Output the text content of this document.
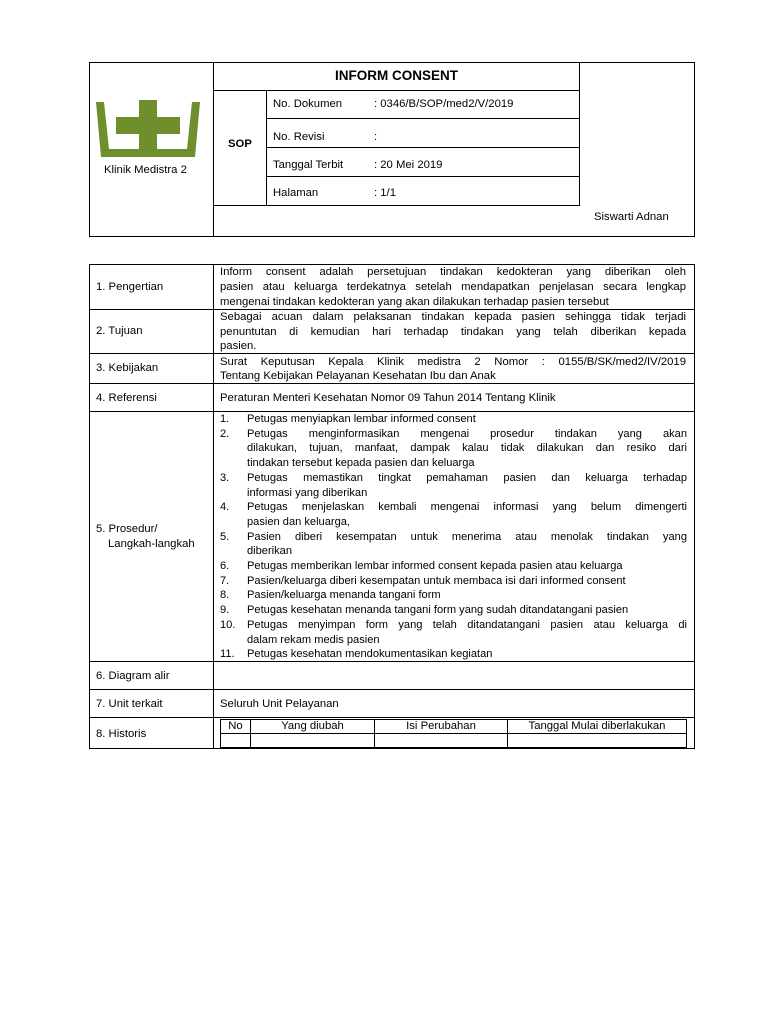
Klinik Medistra 2
INFORM CONSENT
SOP
No. Dokumen	: 0346/B/SOP/med2/V/2019
No. Revisi	:
Tanggal Terbit	: 20 Mei 2019
Halaman	: 1/1
Siswarti Adnan
1. Pengertian
Inform consent adalah persetujuan tindakan kedokteran yang diberikan oleh
pasien atau keluarga terdekatnya setelah mendapatkan penjelasan secara lengkap
mengenai tindakan kedokteran yang akan dilakukan terhadap pasien tersebut
2. Tujuan
Sebagai acuan dalam pelaksanan tindakan kepada pasien sehingga tidak terjadi
penuntutan di kemudian hari terhadap tindakan yang telah diberikan kepada
pasien.
3. Kebijakan	Surat Keputusan Kepala Klinik medistra 2 Nomor : 0155/B/SK/med2/IV/2019
Tentang Kebijakan Pelayanan Kesehatan Ibu dan Anak
4. Referensi	Peraturan Menteri Kesehatan Nomor 09 Tahun 2014 Tentang Klinik
5. Prosedur/
Langkah-langkah
1. Petugas menyiapkan lembar informed consent
2. Petugas menginformasikan mengenai prosedur tindakan yang akan
dilakukan, tujuan, manfaat, dampak kalau tidak dilakukan dan resiko dari
tindakan tersebut kepada pasien dan keluarga
3. Petugas memastikan tingkat pemahaman pasien dan keluarga terhadap
informasi yang diberikan
4. Petugas menjelaskan kembali mengenai informasi yang belum dimengerti
pasien dan keluarga,
5. Pasien diberi kesempatan untuk menerima atau menolak tindakan yang
diberikan
6. Petugas memberikan lembar informed consent kepada pasien atau keluarga
7. Pasien/keluarga diberi kesempatan untuk membaca isi dari informed consent
8. Pasien/keluarga menanda tangani form
9. Petugas kesehatan menanda tangani form yang sudah ditandatangani pasien
10. Petugas menyimpan form yang telah ditandatangani pasien atau keluarga di
dalam rekam medis pasien
11. Petugas kesehatan mendokumentasikan kegiatan
6. Diagram alir
7. Unit terkait	Seluruh Unit Pelayanan
8. Historis
No	Yang diubah	Isi Perubahan	Tanggal Mulai diberlakukan
